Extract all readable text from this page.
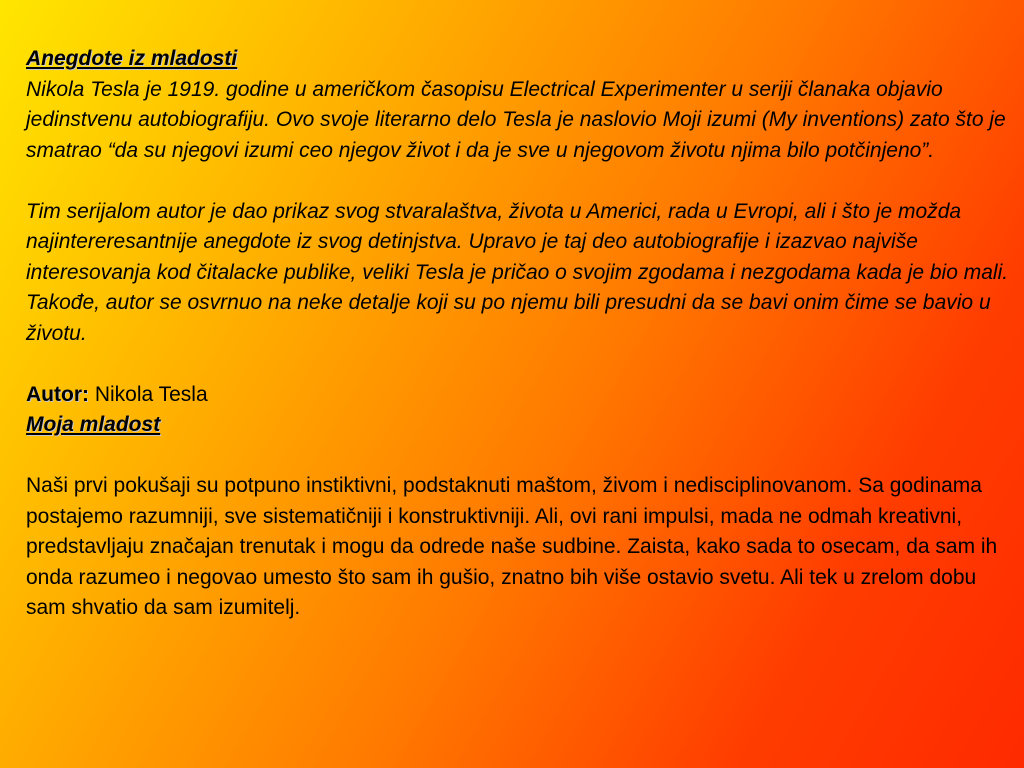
Anegdote iz mladosti

Nikola Tesla je 1919. godine u američkom časopisu Electrical Experimenter u seriji članaka objavio jedinstvenu autobiografiju. Ovo svoje literarno delo Tesla je naslovio Moji izumi (My inventions) zato što je smatrao “da su njegovi izumi ceo njegov život i da je sve u njegovom životu njima bilo potčinjeno”.

Tim serijalom autor je dao prikaz svog stvaralaštva, života u Americi, rada u Evropi, ali i što je možda najintereresantnije anegdote iz svog detinjstva. Upravo je taj deo autobiografije i izazvao najviše interesovanja kod čitalacke publike, veliki Tesla je pričao o svojim zgodama i nezgodama kada je bio mali. Takođe, autor se osvrnuo na neke detalje koji su po njemu bili presudni da se bavi onim čime se bavio u životu.

Autor: Nikola Tesla
Moja mladost

Naši prvi pokušaji su potpuno instiktivni, podstaknuti maštom, živom i nedisciplinovanom. Sa godinama postajemo razumniji, sve sistematičniji i konstruktivniji. Ali, ovi rani impulsi, mada ne odmah kreativni, predstavljaju značajan trenutak i mogu da odrede naše sudbine. Zaista, kako sada to osecam, da sam ih onda razumeo i negovao umesto što sam ih gušio, znatno bih više ostavio svetu. Ali tek u zrelom dobu sam shvatio da sam izumitelj.
